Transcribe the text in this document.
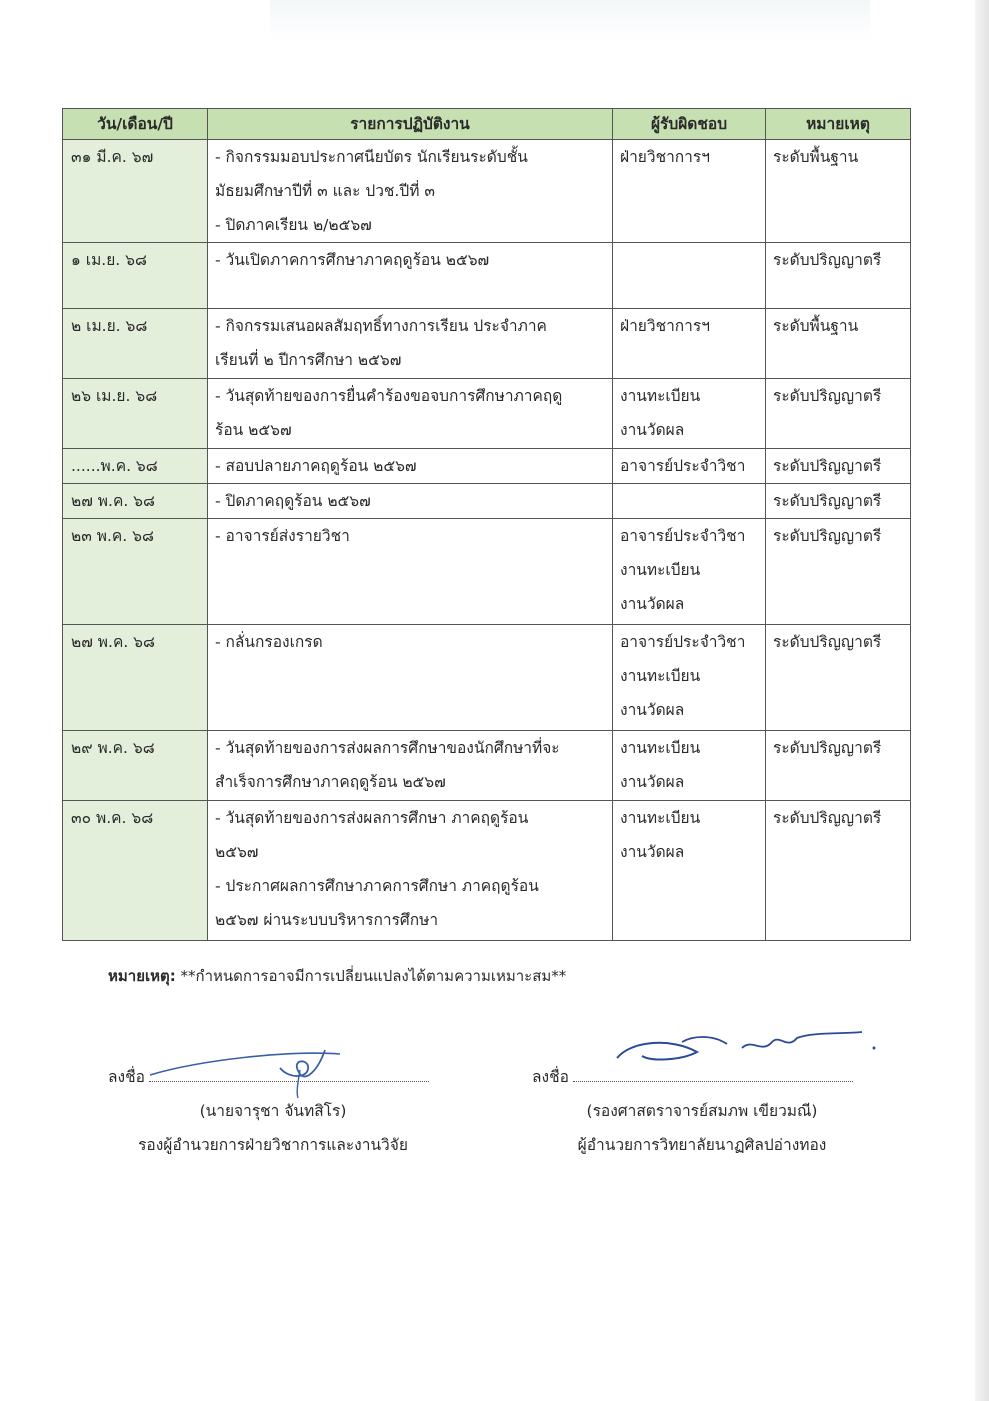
วัน/เดือน/ปี	รายการปฏิบัติงาน	ผู้รับผิดชอบ	หมายเหตุ
๓๑ มี.ค. ๖๗	- กิจกรรมมอบประกาศนียบัตร นักเรียนระดับชั้น
มัธยมศึกษาปีที่ ๓ และ ปวช.ปีที่ ๓
- ปิดภาคเรียน ๒/๒๕๖๗	ฝ่ายวิชาการฯ	ระดับพื้นฐาน
๑ เม.ย. ๖๘	- วันเปิดภาคการศึกษาภาคฤดูร้อน ๒๕๖๗		ระดับปริญญาตรี
๒ เม.ย. ๖๘	- กิจกรรมเสนอผลสัมฤทธิ์ทางการเรียน ประจำภาค
เรียนที่ ๒ ปีการศึกษา ๒๕๖๗	ฝ่ายวิชาการฯ	ระดับพื้นฐาน
๒๖ เม.ย. ๖๘	- วันสุดท้ายของการยื่นคำร้องขอจบการศึกษาภาคฤดู
ร้อน ๒๕๖๗	งานทะเบียน
งานวัดผล	ระดับปริญญาตรี
......พ.ค. ๖๘	- สอบปลายภาคฤดูร้อน ๒๕๖๗	อาจารย์ประจำวิชา	ระดับปริญญาตรี
๒๗ พ.ค. ๖๘	- ปิดภาคฤดูร้อน ๒๕๖๗		ระดับปริญญาตรี
๒๓ พ.ค. ๖๘	- อาจารย์ส่งรายวิชา	อาจารย์ประจำวิชา
งานทะเบียน
งานวัดผล	ระดับปริญญาตรี
๒๗ พ.ค. ๖๘	- กลั่นกรองเกรด	อาจารย์ประจำวิชา
งานทะเบียน
งานวัดผล	ระดับปริญญาตรี
๒๙ พ.ค. ๖๘	- วันสุดท้ายของการส่งผลการศึกษาของนักศึกษาที่จะ
สำเร็จการศึกษาภาคฤดูร้อน ๒๕๖๗	งานทะเบียน
งานวัดผล	ระดับปริญญาตรี
๓๐ พ.ค. ๖๘	- วันสุดท้ายของการส่งผลการศึกษา ภาคฤดูร้อน
๒๕๖๗
- ประกาศผลการศึกษาภาคการศึกษา ภาคฤดูร้อน
๒๕๖๗ ผ่านระบบบริหารการศึกษา	งานทะเบียน
งานวัดผล	ระดับปริญญาตรี
หมายเหตุ: **กำหนดการอาจมีการเปลี่ยนแปลงได้ตามความเหมาะสม**
ลงชื่อ
(นายจารุชา จันทสิโร)
รองผู้อำนวยการฝ่ายวิชาการและงานวิจัย
ลงชื่อ
(รองศาสตราจารย์สมภพ เขียวมณี)
ผู้อำนวยการวิทยาลัยนาฏศิลปอ่างทอง
